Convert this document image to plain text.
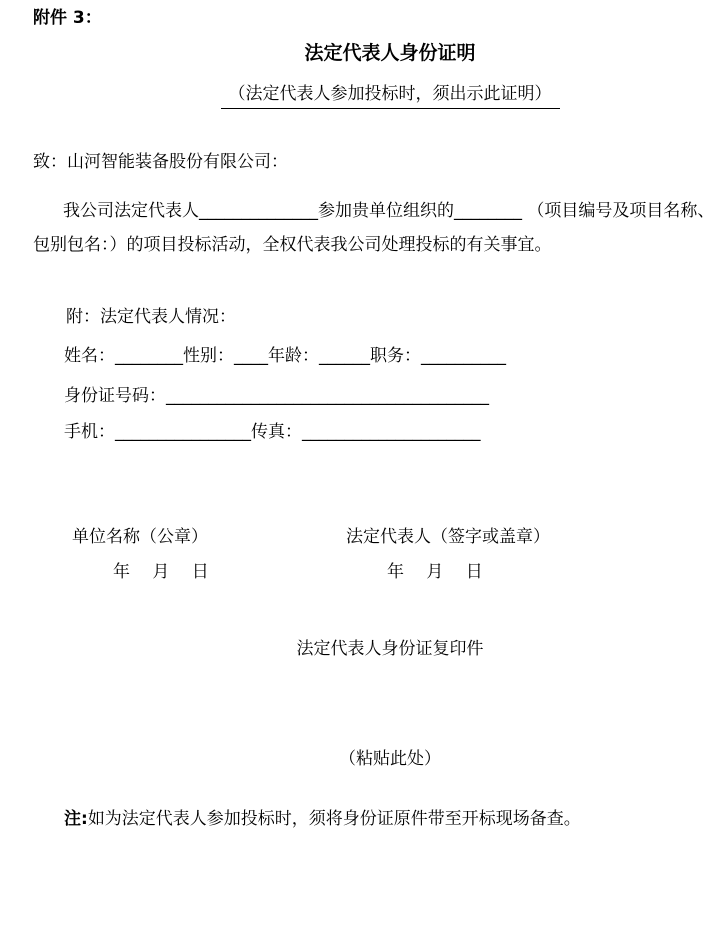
附件 3：
法定代表人身份证明
（法定代表人参加投标时，须出示此证明）
致：山河智能装备股份有限公司：
我公司法定代表人______________参加贵单位组织的________ （项目编号及项目名称、
包别包名：）的项目投标活动，全权代表我公司处理投标的有关事宜。
附：法定代表人情况：
姓名：________性别：____年龄：______职务：__________
身份证号码：______________________________________
手机：________________传真：_____________________
单位名称（公章）	法定代表人（签字或盖章）
年　 月　 日	年　 月　 日
法定代表人身份证复印件
（粘贴此处）
注:如为法定代表人参加投标时，须将身份证原件带至开标现场备查。
